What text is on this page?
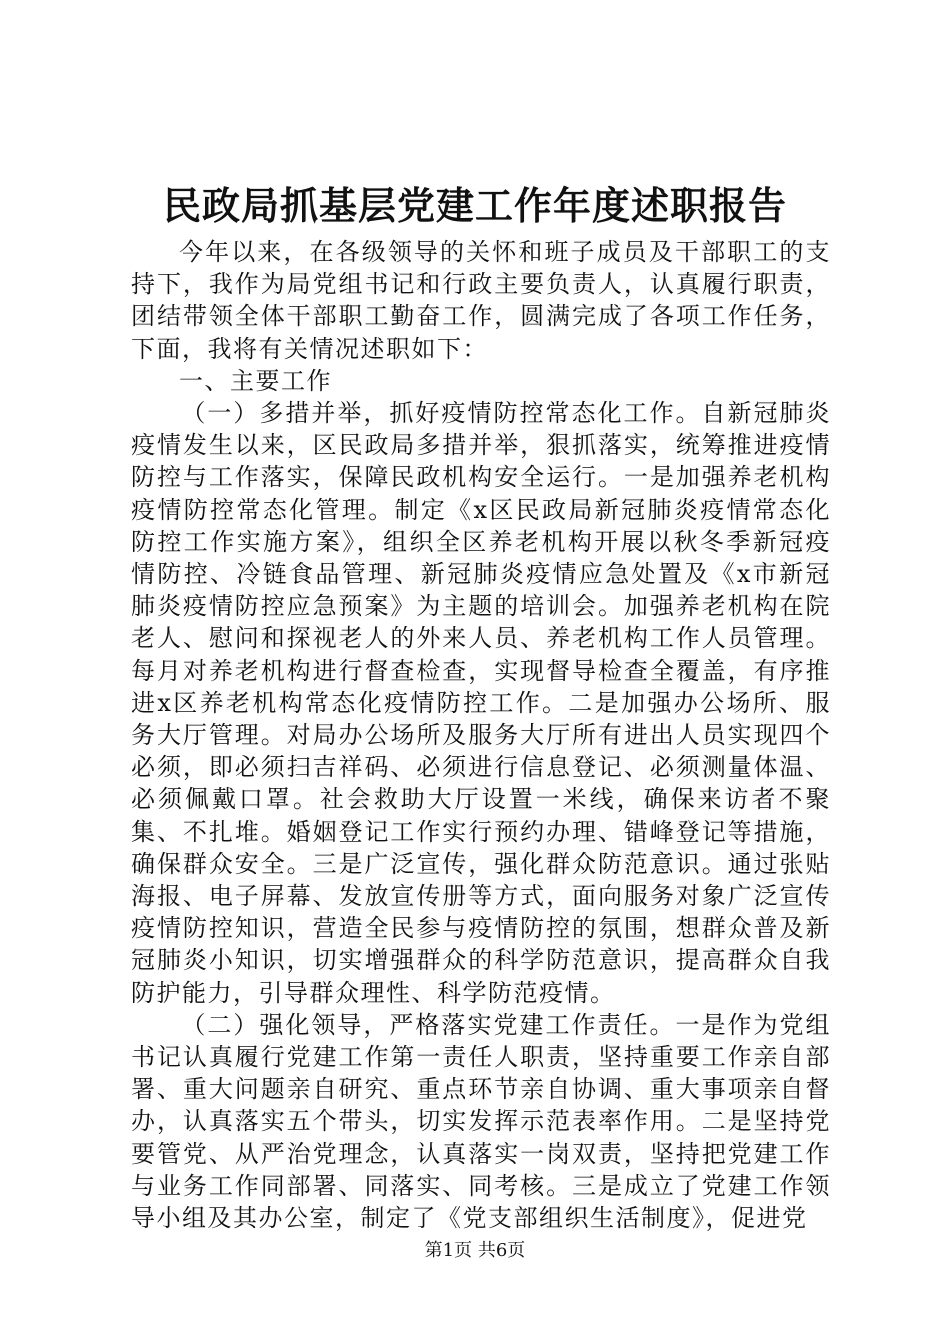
民政局抓基层党建工作年度述职报告

今年以来，在各级领导的关怀和班子成员及干部职工的支持下，我作为局党组书记和行政主要负责人，认真履行职责，团结带领全体干部职工勤奋工作，圆满完成了各项工作任务，下面，我将有关情况述职如下：

一、主要工作

（一）多措并举，抓好疫情防控常态化工作。自新冠肺炎疫情发生以来，区民政局多措并举，狠抓落实，统筹推进疫情防控与工作落实，保障民政机构安全运行。一是加强养老机构疫情防控常态化管理。制定《x区民政局新冠肺炎疫情常态化防控工作实施方案》，组织全区养老机构开展以秋冬季新冠疫情防控、冷链食品管理、新冠肺炎疫情应急处置及《x市新冠肺炎疫情防控应急预案》为主题的培训会。加强养老机构在院老人、慰问和探视老人的外来人员、养老机构工作人员管理。每月对养老机构进行督查检查，实现督导检查全覆盖，有序推进x区养老机构常态化疫情防控工作。二是加强办公场所、服务大厅管理。对局办公场所及服务大厅所有进出人员实现四个必须，即必须扫吉祥码、必须进行信息登记、必须测量体温、必须佩戴口罩。社会救助大厅设置一米线，确保来访者不聚集、不扎堆。婚姻登记工作实行预约办理、错峰登记等措施，确保群众安全。三是广泛宣传，强化群众防范意识。通过张贴海报、电子屏幕、发放宣传册等方式，面向服务对象广泛宣传疫情防控知识，营造全民参与疫情防控的氛围，想群众普及新冠肺炎小知识，切实增强群众的科学防范意识，提高群众自我防护能力，引导群众理性、科学防范疫情。

（二）强化领导，严格落实党建工作责任。一是作为党组书记认真履行党建工作第一责任人职责，坚持重要工作亲自部署、重大问题亲自研究、重点环节亲自协调、重大事项亲自督办，认真落实五个带头，切实发挥示范表率作用。二是坚持党要管党、从严治党理念，认真落实一岗双责，坚持把党建工作与业务工作同部署、同落实、同考核。三是成立了党建工作领导小组及其办公室，制定了《党支部组织生活制度》，促进党

第1页 共6页
